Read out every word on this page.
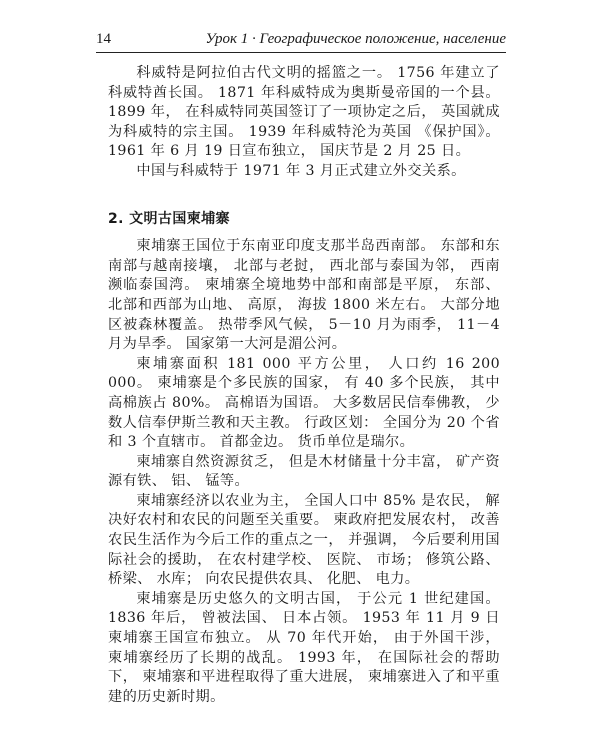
14	Урок 1 · Географическое положение, население

科威特是阿拉伯古代文明的摇篮之一。 1756 年建立了科威特酋长国。 1871 年科威特成为奥斯曼帝国的一个县。 1899 年， 在科威特同英国签订了一项协定之后， 英国就成为科威特的宗主国。 1939 年科威特沦为英国 《保护国》。 1961 年 6 月 19 日宣布独立， 国庆节是 2 月 25 日。

中国与科威特于 1971 年 3 月正式建立外交关系。

2. 文明古国柬埔寨

柬埔寨王国位于东南亚印度支那半岛西南部。 东部和东南部与越南接壤， 北部与老挝， 西北部与泰国为邻， 西南濒临泰国湾。 柬埔寨全境地势中部和南部是平原， 东部、 北部和西部为山地、 高原， 海拔 1800 米左右。 大部分地区被森林覆盖。 热带季风气候， 5－10 月为雨季， 11－4 月为旱季。 国家第一大河是湄公河。

柬埔寨面积 181 000 平方公里， 人口约 16 200 000。 柬埔寨是个多民族的国家， 有 40 多个民族， 其中高棉族占 80%。 高棉语为国语。 大多数居民信奉佛教， 少数人信奉伊斯兰教和天主教。 行政区划： 全国分为 20 个省和 3 个直辖市。 首都金边。 货币单位是瑞尔。

柬埔寨自然资源贫乏， 但是木材储量十分丰富， 矿产资源有铁、 铝、 锰等。

柬埔寨经济以农业为主， 全国人口中 85% 是农民， 解决好农村和农民的问题至关重要。 柬政府把发展农村， 改善农民生活作为今后工作的重点之一， 并强调， 今后要利用国际社会的援助， 在农村建学校、 医院、 市场； 修筑公路、 桥梁、 水库； 向农民提供农具、 化肥、 电力。

柬埔寨是历史悠久的文明古国， 于公元 1 世纪建国。 1836 年后， 曾被法国、 日本占领。 1953 年 11 月 9 日柬埔寨王国宣布独立。 从 70 年代开始， 由于外国干涉， 柬埔寨经历了长期的战乱。 1993 年， 在国际社会的帮助下， 柬埔寨和平进程取得了重大进展， 柬埔寨进入了和平重建的历史新时期。
